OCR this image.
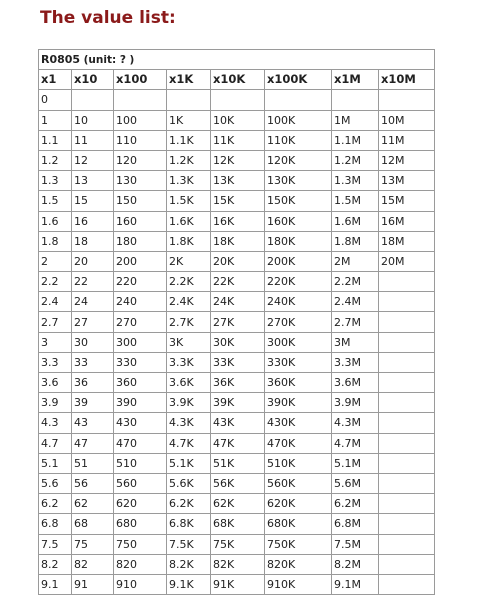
The value list:
R0805 (unit: ? )							
x1	x10	x100	x1K	x10K	x100K	x1M	x10M
0							
1	10	100	1K	10K	100K	1M	10M
1.1	11	110	1.1K	11K	110K	1.1M	11M
1.2	12	120	1.2K	12K	120K	1.2M	12M
1.3	13	130	1.3K	13K	130K	1.3M	13M
1.5	15	150	1.5K	15K	150K	1.5M	15M
1.6	16	160	1.6K	16K	160K	1.6M	16M
1.8	18	180	1.8K	18K	180K	1.8M	18M
2	20	200	2K	20K	200K	2M	20M
2.2	22	220	2.2K	22K	220K	2.2M	
2.4	24	240	2.4K	24K	240K	2.4M	
2.7	27	270	2.7K	27K	270K	2.7M	
3	30	300	3K	30K	300K	3M	
3.3	33	330	3.3K	33K	330K	3.3M	
3.6	36	360	3.6K	36K	360K	3.6M	
3.9	39	390	3.9K	39K	390K	3.9M	
4.3	43	430	4.3K	43K	430K	4.3M	
4.7	47	470	4.7K	47K	470K	4.7M	
5.1	51	510	5.1K	51K	510K	5.1M	
5.6	56	560	5.6K	56K	560K	5.6M	
6.2	62	620	6.2K	62K	620K	6.2M	
6.8	68	680	6.8K	68K	680K	6.8M	
7.5	75	750	7.5K	75K	750K	7.5M	
8.2	82	820	8.2K	82K	820K	8.2M	
9.1	91	910	9.1K	91K	910K	9.1M	
